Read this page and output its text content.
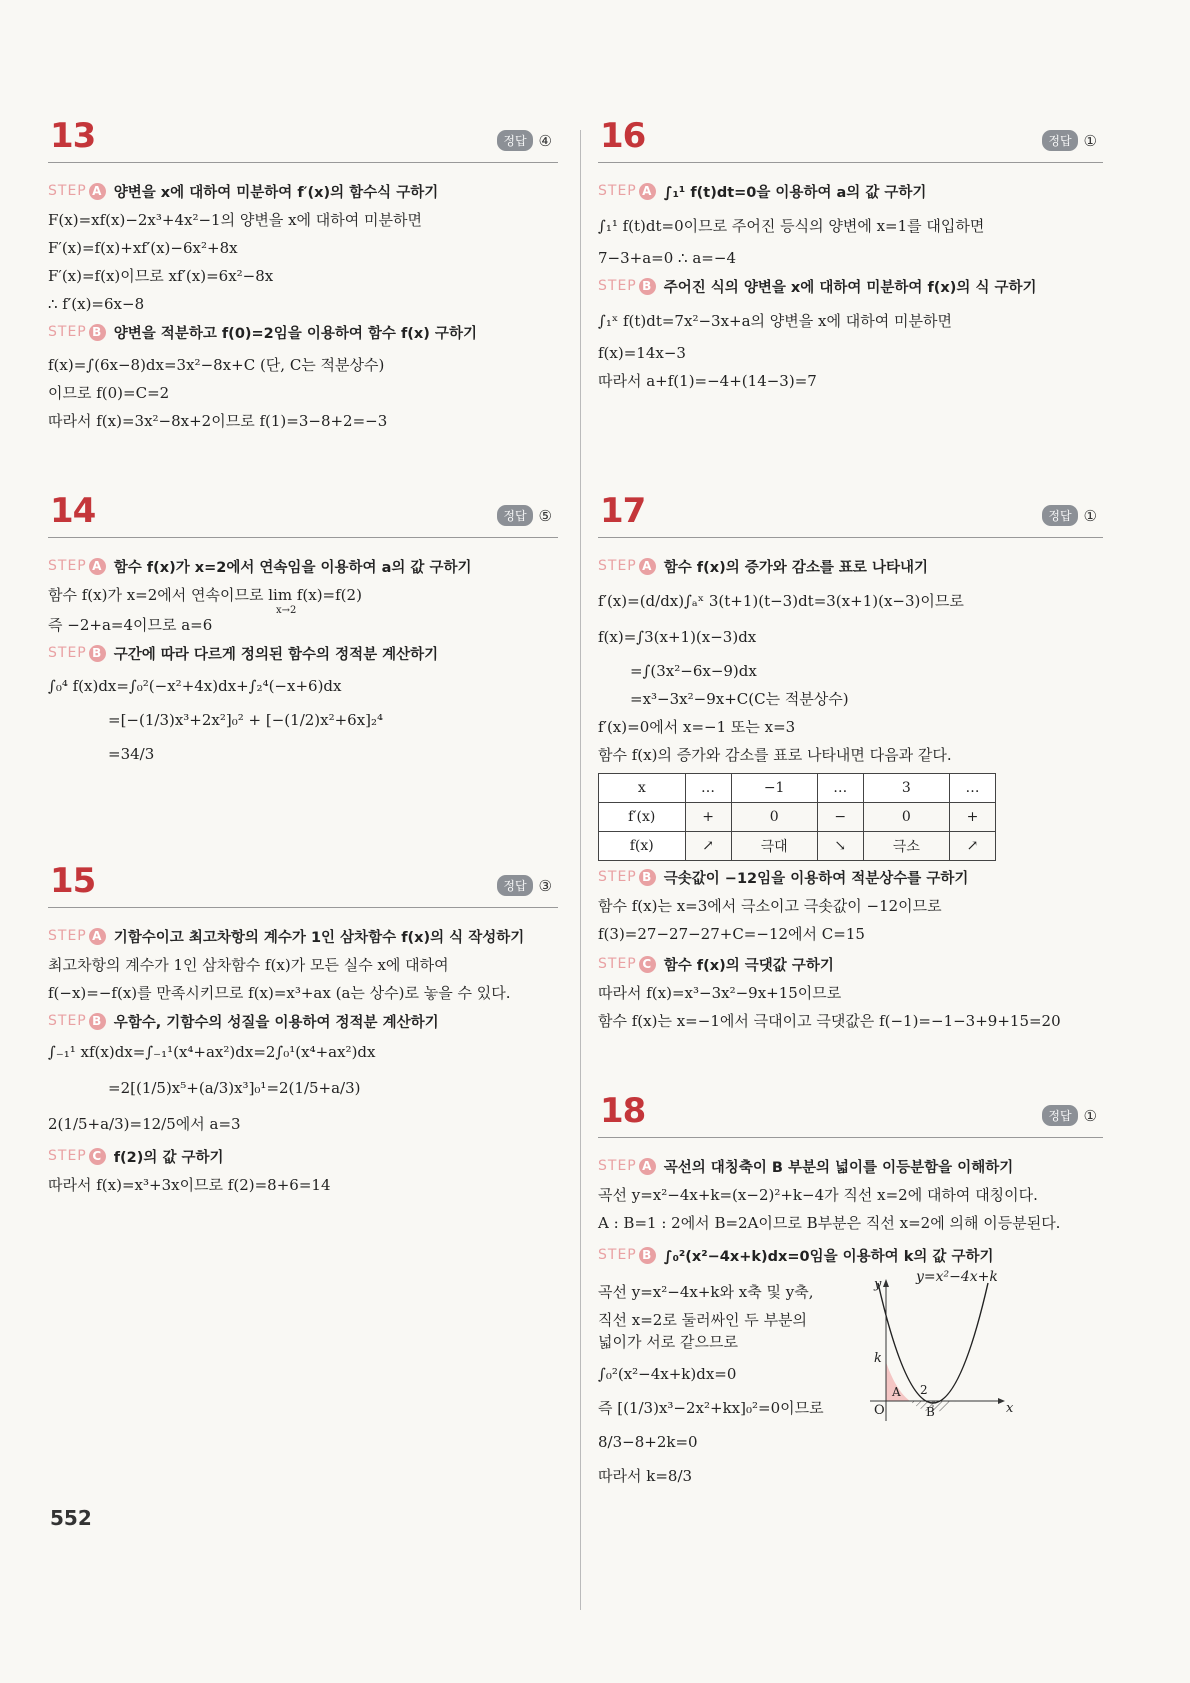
13	정답 ④
STEP A 양변을 x에 대하여 미분하여 f′(x)의 함수식 구하기
F(x)=xf(x)−2x³+4x²−1의 양변을 x에 대하여 미분하면
F′(x)=f(x)+xf′(x)−6x²+8x
F′(x)=f(x)이므로 xf′(x)=6x²−8x
∴ f′(x)=6x−8
STEP B 양변을 적분하고 f(0)=2임을 이용하여 함수 f(x) 구하기
f(x)=∫(6x−8)dx=3x²−8x+C (단, C는 적분상수)
이므로 f(0)=C=2
따라서 f(x)=3x²−8x+2이므로 f(1)=3−8+2=−3
14	정답 ⑤
STEP A 함수 f(x)가 x=2에서 연속임을 이용하여 a의 값 구하기
함수 f(x)가 x=2에서 연속이므로 lim f(x)=f(2)
x→2
즉 −2+a=4이므로 a=6
STEP B 구간에 따라 다르게 정의된 함수의 정적분 계산하기
∫₀⁴ f(x)dx=∫₀²(−x²+4x)dx+∫₂⁴(−x+6)dx
=[−(1/3)x³+2x²]₀² + [−(1/2)x²+6x]₂⁴
=34/3
15	정답 ③
STEP A 기함수이고 최고차항의 계수가 1인 삼차함수 f(x)의 식 작성하기
최고차항의 계수가 1인 삼차함수 f(x)가 모든 실수 x에 대하여
f(−x)=−f(x)를 만족시키므로 f(x)=x³+ax (a는 상수)로 놓을 수 있다.
STEP B 우함수, 기함수의 성질을 이용하여 정적분 계산하기
∫₋₁¹ xf(x)dx=∫₋₁¹(x⁴+ax²)dx=2∫₀¹(x⁴+ax²)dx
=2[(1/5)x⁵+(a/3)x³]₀¹=2(1/5+a/3)
2(1/5+a/3)=12/5에서 a=3
STEP C f(2)의 값 구하기
따라서 f(x)=x³+3x이므로 f(2)=8+6=14
16	정답 ①
STEP A ∫₁¹ f(t)dt=0을 이용하여 a의 값 구하기
∫₁¹ f(t)dt=0이므로 주어진 등식의 양변에 x=1를 대입하면
7−3+a=0 ∴ a=−4
STEP B 주어진 식의 양변을 x에 대하여 미분하여 f(x)의 식 구하기
∫₁ˣ f(t)dt=7x²−3x+a의 양변을 x에 대하여 미분하면
f(x)=14x−3
따라서 a+f(1)=−4+(14−3)=7
17	정답 ①
STEP A 함수 f(x)의 증가와 감소를 표로 나타내기
f′(x)=(d/dx)∫ₐˣ 3(t+1)(t−3)dt=3(x+1)(x−3)이므로
f(x)=∫3(x+1)(x−3)dx
=∫(3x²−6x−9)dx
=x³−3x²−9x+C(C는 적분상수)
f′(x)=0에서 x=−1 또는 x=3
함수 f(x)의 증가와 감소를 표로 나타내면 다음과 같다.
x	…	−1	…	3	…
f′(x)	+	0	−	0	+
f(x)	↗	극대	↘	극소	↗
STEP B 극솟값이 −12임을 이용하여 적분상수를 구하기
함수 f(x)는 x=3에서 극소이고 극솟값이 −12이므로
f(3)=27−27−27+C=−12에서 C=15
STEP C 함수 f(x)의 극댓값 구하기
따라서 f(x)=x³−3x²−9x+15이므로
함수 f(x)는 x=−1에서 극대이고 극댓값은 f(−1)=−1−3+9+15=20
18	정답 ①
STEP A 곡선의 대칭축이 B 부분의 넓이를 이등분함을 이해하기
곡선 y=x²−4x+k=(x−2)²+k−4가 직선 x=2에 대하여 대칭이다.
A : B=1 : 2에서 B=2A이므로 B부분은 직선 x=2에 의해 이등분된다.
STEP B ∫₀²(x²−4x+k)dx=0임을 이용하여 k의 값 구하기
곡선 y=x²−4x+k와 x축 및 y축,
직선 x=2로 둘러싸인 두 부분의
넓이가 서로 같으므로
∫₀²(x²−4x+k)dx=0
즉 [(1/3)x³−2x²+kx]₀²=0이므로
8/3−8+2k=0
따라서 k=8/3
y=x²−4x+k
y
x
O
k
A
B
2
552
